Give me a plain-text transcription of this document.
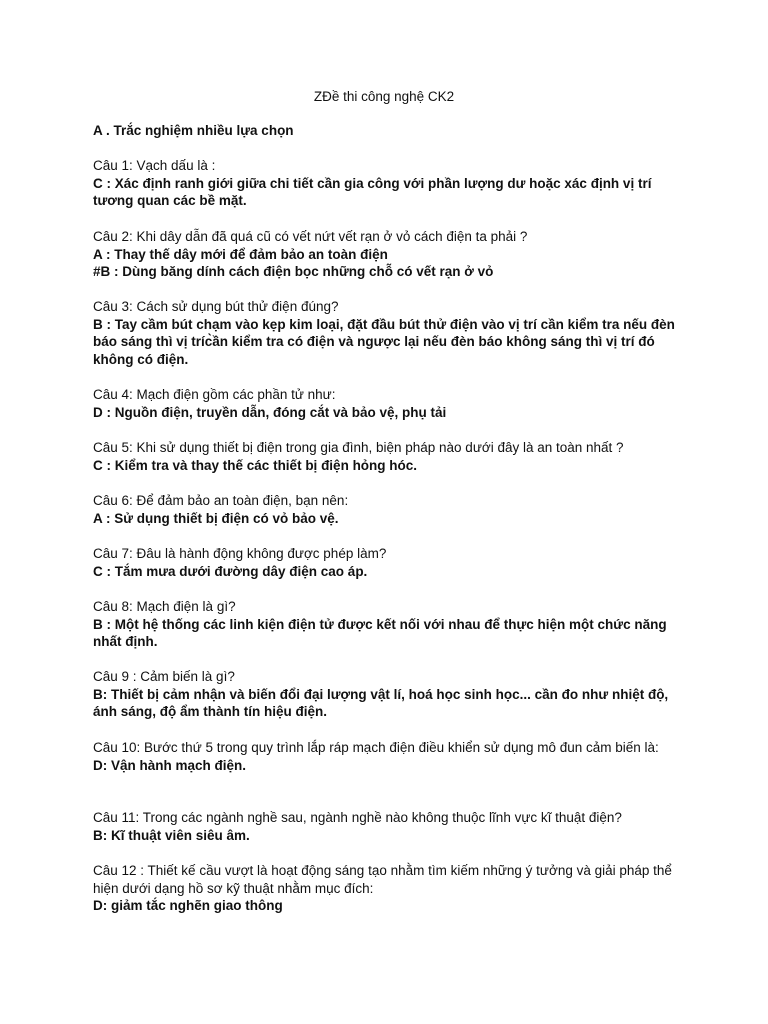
ZĐề thi công nghệ CK2
A . Trắc nghiệm nhiều lựa chọn
Câu 1: Vạch dấu là :
C : Xác định ranh giới giữa chi tiết cần gia công với phần lượng dư hoặc xác định vị trí tương quan các bề mặt.
Câu 2: Khi dây dẫn đã quá cũ có vết nứt vết rạn ở vỏ cách điện ta phải ?
A : Thay thế dây mới để đảm bảo an toàn điện
#B : Dùng băng dính cách điện bọc những chỗ có vết rạn ở vỏ
Câu 3: Cách sử dụng bút thử điện đúng?
B : Tay cầm bút chạm vào kẹp kim loại, đặt đầu bút thử điện vào vị trí cần kiểm tra nếu đèn báo sáng thì vị tríc̀ần kiểm tra có điện và ngược lại nếu đèn báo không sáng thì vị trí đó không có điện.
Câu 4: Mạch điện gồm các phần tử như:
D : Nguồn điện, truyền dẫn, đóng cắt và bảo vệ, phụ tải
Câu 5: Khi sử dụng thiết bị điện trong gia đình, biện pháp nào dưới đây là an toàn nhất ?
C : Kiểm tra và thay thế các thiết bị điện hỏng hóc.
Câu 6: Để đảm bảo an toàn điện, bạn nên:
A : Sử dụng thiết bị điện có vỏ bảo vệ.
Câu 7: Đâu là hành động không được phép làm?
C : Tắm mưa dưới đường dây điện cao áp.
Câu 8: Mạch điện là gì?
B : Một hệ thống các linh kiện điện tử được kết nối với nhau để thực hiện một chức năng nhất định.
Câu 9 : Cảm biến là gì?
B: Thiết bị cảm nhận và biến đổi đại lượng vật lí, hoá học sinh học... cần đo như nhiệt độ, ánh sáng, độ ẩm thành tín hiệu điện.
Câu 10: Bước thứ 5 trong quy trình lắp ráp mạch điện điều khiển sử dụng mô đun cảm biến là:
D: Vận hành mạch điện.
Câu 11: Trong các ngành nghề sau, ngành nghề nào không thuộc lĩnh vực kĩ thuật điện?
B: Kĩ thuật viên siêu âm.
Câu 12 : Thiết kế cầu vượt là hoạt động sáng tạo nhằm tìm kiếm những ý tưởng và giải pháp thể hiện dưới dạng hồ sơ kỹ thuật nhằm mục đích:
D: giảm tắc nghẽn giao thông
